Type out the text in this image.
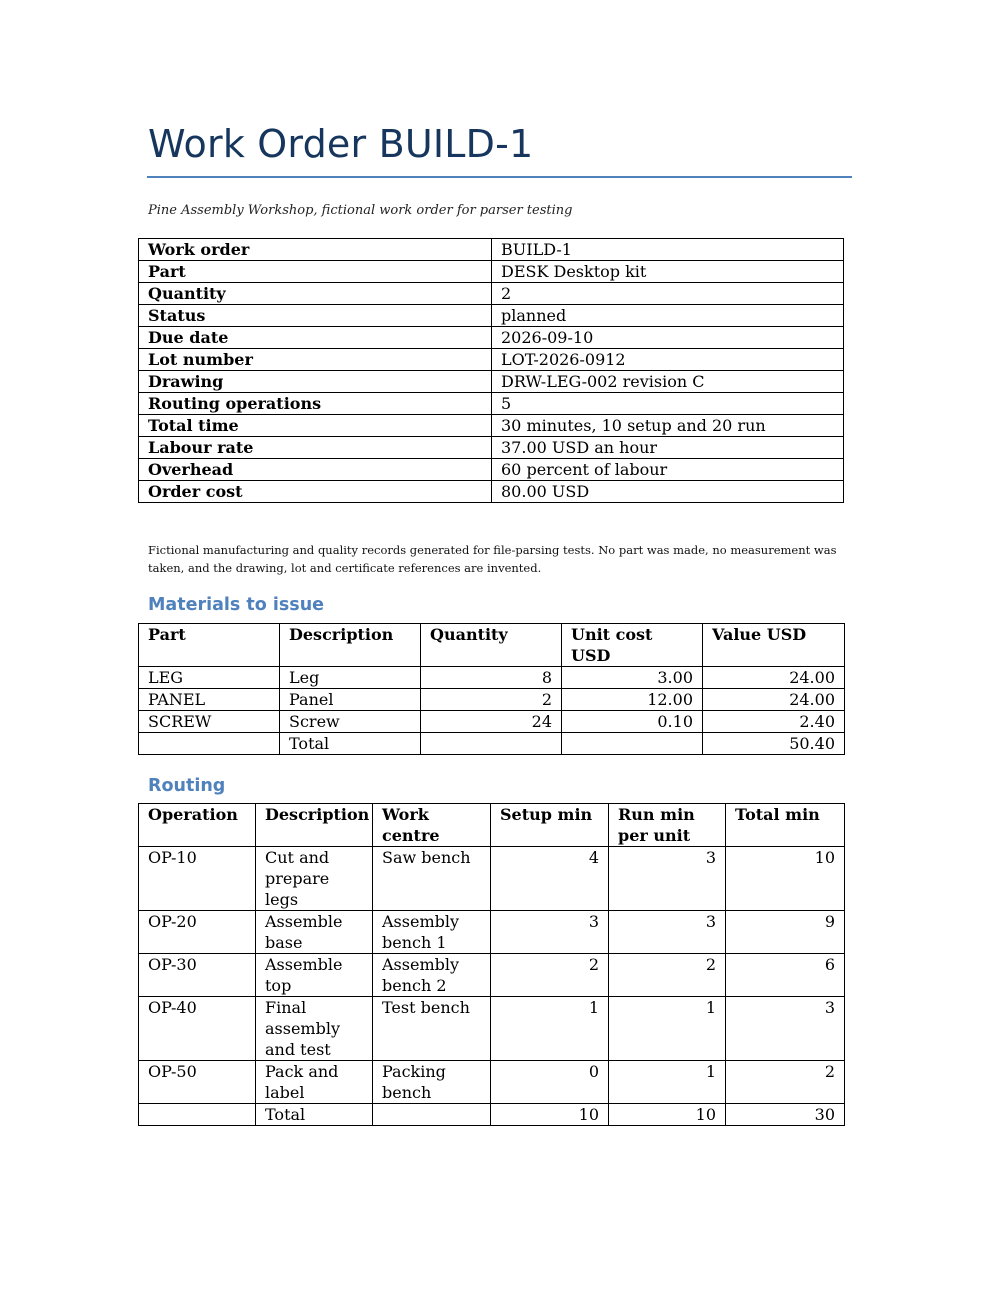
Work Order BUILD-1
Pine Assembly Workshop, fictional work order for parser testing
Work order	BUILD-1
Part	DESK Desktop kit
Quantity	2
Status	planned
Due date	2026-09-10
Lot number	LOT-2026-0912
Drawing	DRW-LEG-002 revision C
Routing operations	5
Total time	30 minutes, 10 setup and 20 run
Labour rate	37.00 USD an hour
Overhead	60 percent of labour
Order cost	80.00 USD
Fictional manufacturing and quality records generated for file-parsing tests. No part was made, no measurement was taken, and the drawing, lot and certificate references are invented.
Materials to issue
Part	Description	Quantity	Unit cost USD	Value USD
LEG	Leg	8	3.00	24.00
PANEL	Panel	2	12.00	24.00
SCREW	Screw	24	0.10	2.40
	Total			50.40
Routing
Operation	Description	Work centre	Setup min	Run min per unit	Total min
OP-10	Cut and prepare legs	Saw bench	4	3	10
OP-20	Assemble base	Assembly bench 1	3	3	9
OP-30	Assemble top	Assembly bench 2	2	2	6
OP-40	Final assembly and test	Test bench	1	1	3
OP-50	Pack and label	Packing bench	0	1	2
	Total		10	10	30
